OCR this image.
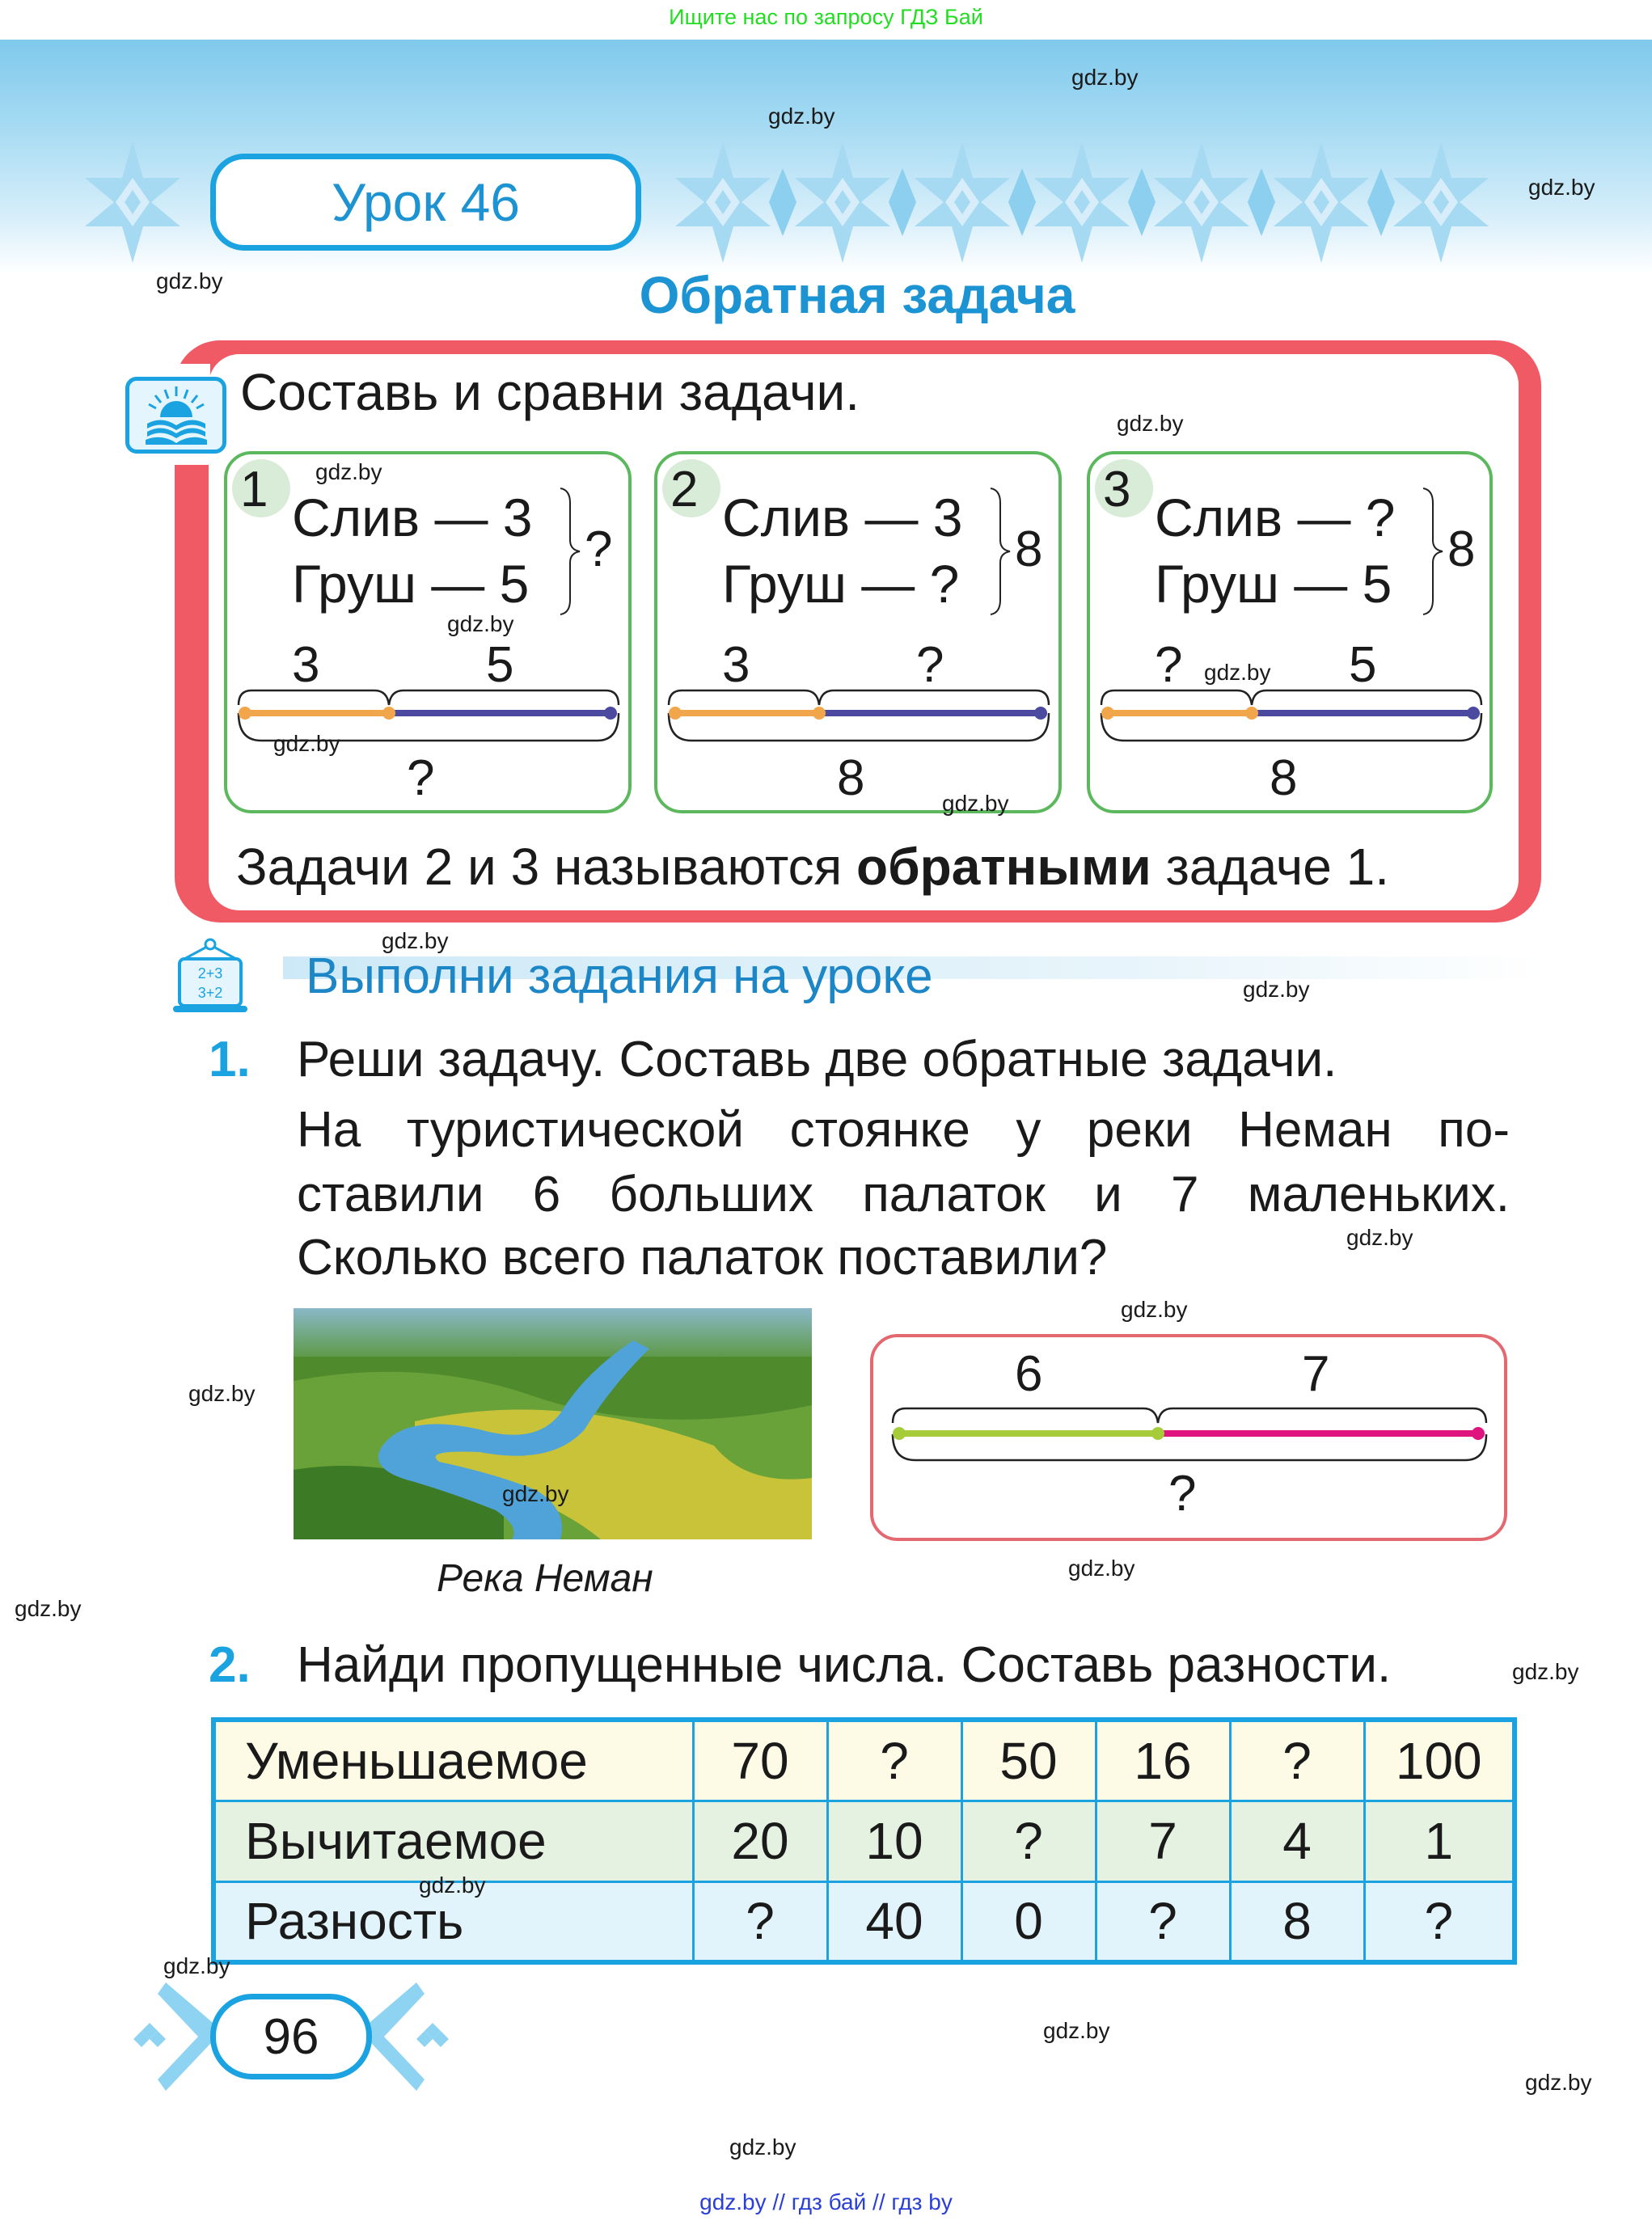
Ищите нас по запросу ГДЗ Бай
Урок 46
Обратная задача
Составь и сравни задачи.
1 Слив — 3
Груш — 5
?
3	5
?
2 Слив — 3
Груш — ?
8
3	?
8
3 Слив — ?
Груш — 5
8
?	5
8
Задачи 2 и 3 называются обратными задаче 1.
2+3
3+2 Выполни задания на уроке
1. Реши задачу. Составь две обратные задачи.
На туристической стоянке у реки Неман по-
ставили 6 больших палаток и 7 маленьких.
Сколько всего палаток поставили?
Река Неман
6	7
?
2. Найди пропущенные числа. Составь разности.
Уменьшаемое	70	?	50	16	?	100
Вычитаемое	20	10	?	7	4	1
Разность	?	40	0	?	8	?
96
gdz.by
gdz.by
gdz.by
gdz.by
gdz.by
gdz.by
gdz.by
gdz.by
gdz.by
gdz.by
gdz.by
gdz.by
gdz.by
gdz.by
gdz.by
gdz.by
gdz.by
gdz.by
gdz.by
gdz.by
gdz.by
gdz.by
gdz.by
gdz.by
gdz.by // гдз бай // гдз by
